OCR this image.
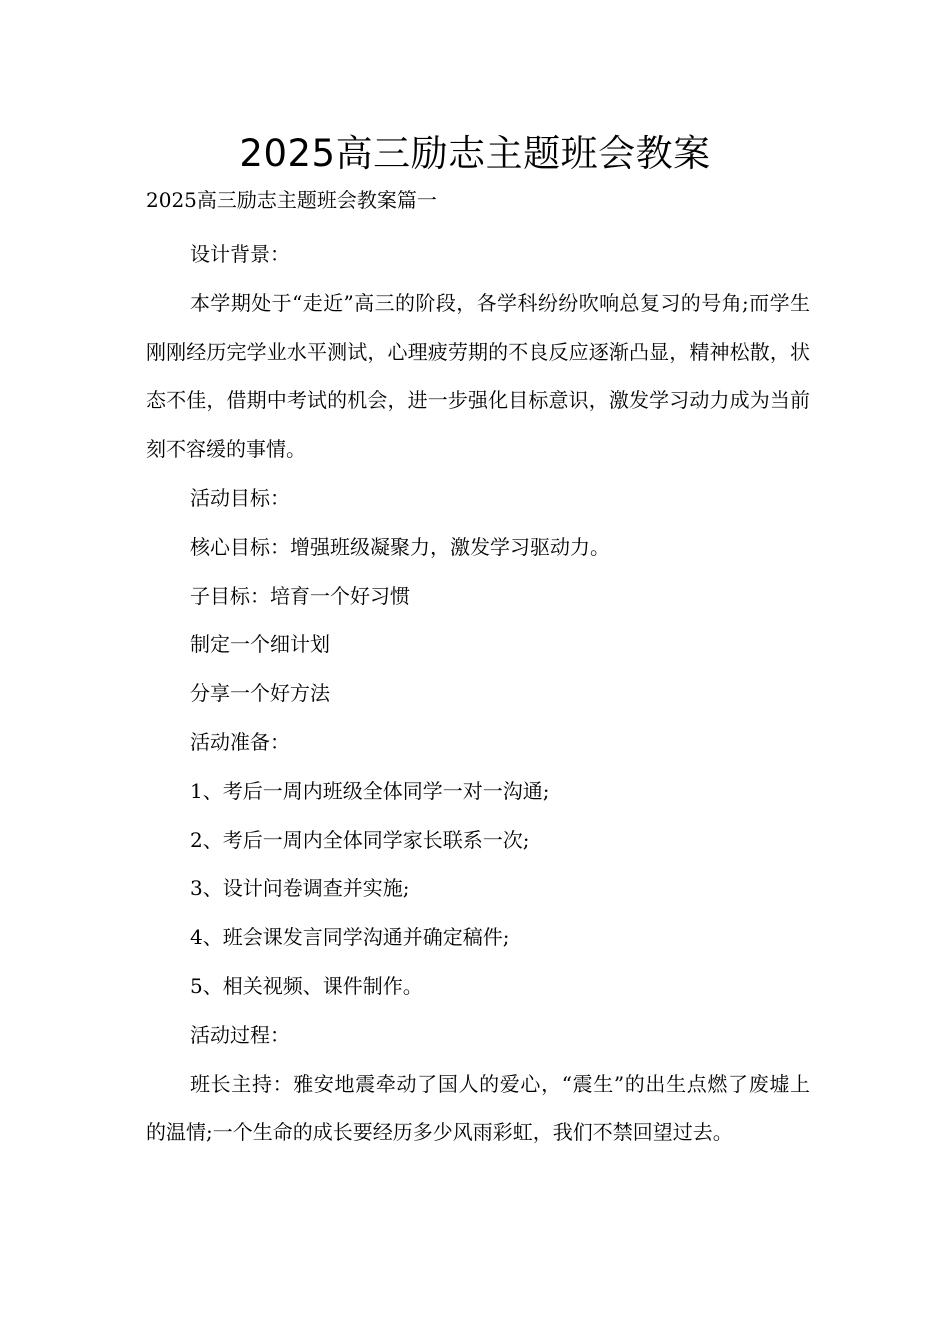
2025高三励志主题班会教案
2025高三励志主题班会教案篇一

设计背景：

本学期处于“走近”高三的阶段，各学科纷纷吹响总复习的号角;而学生刚刚经历完学业水平测试，心理疲劳期的不良反应逐渐凸显，精神松散，状态不佳，借期中考试的机会，进一步强化目标意识，激发学习动力成为当前刻不容缓的事情。

活动目标：

核心目标：增强班级凝聚力，激发学习驱动力。

子目标：培育一个好习惯

制定一个细计划

分享一个好方法

活动准备：

1、考后一周内班级全体同学一对一沟通;

2、考后一周内全体同学家长联系一次;

3、设计问卷调查并实施;

4、班会课发言同学沟通并确定稿件;

5、相关视频、课件制作。

活动过程：

班长主持：雅安地震牵动了国人的爱心，“震生”的出生点燃了废墟上的温情;一个生命的成长要经历多少风雨彩虹，我们不禁回望过去。
